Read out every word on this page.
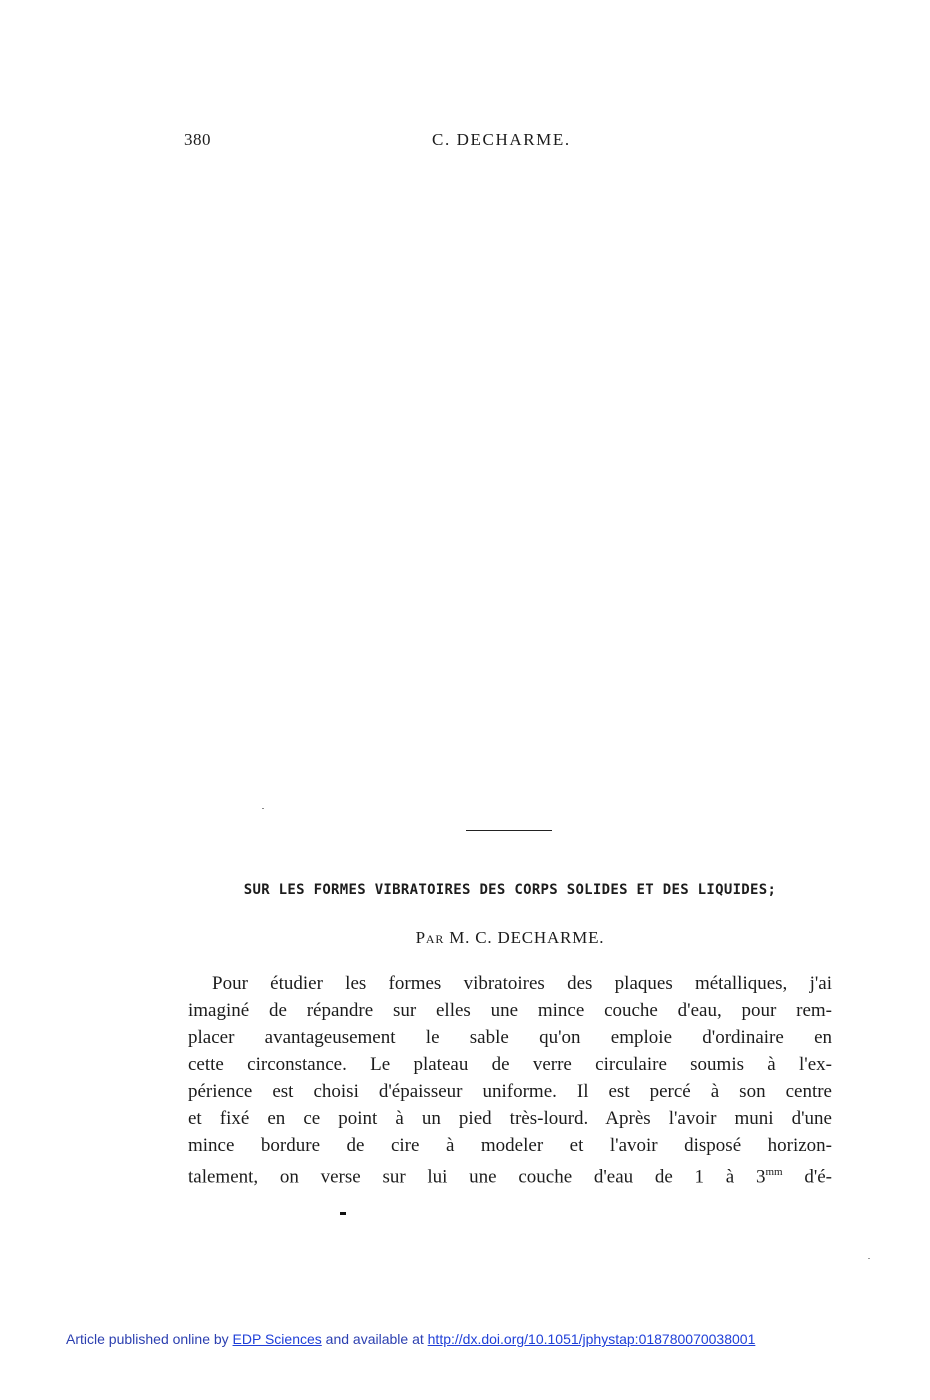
380	C. DECHARME.
SUR LES FORMES VIBRATOIRES DES CORPS SOLIDES ET DES LIQUIDES;
Par M. C. DECHARME.
Pour étudier les formes vibratoires des plaques métalliques, j'ai
imaginé de répandre sur elles une mince couche d'eau, pour rem-
placer avantageusement le sable qu'on emploie d'ordinaire en
cette circonstance. Le plateau de verre circulaire soumis à l'ex-
périence est choisi d'épaisseur uniforme. Il est percé à son centre
et fixé en ce point à un pied très-lourd. Après l'avoir muni d'une
mince bordure de cire à modeler et l'avoir disposé horizon-
talement, on verse sur lui une couche d'eau de 1 à $3^{mm}$ d'é-
Article published online by EDP Sciences and available at http://dx.doi.org/10.1051/jphystap:018780070038001
